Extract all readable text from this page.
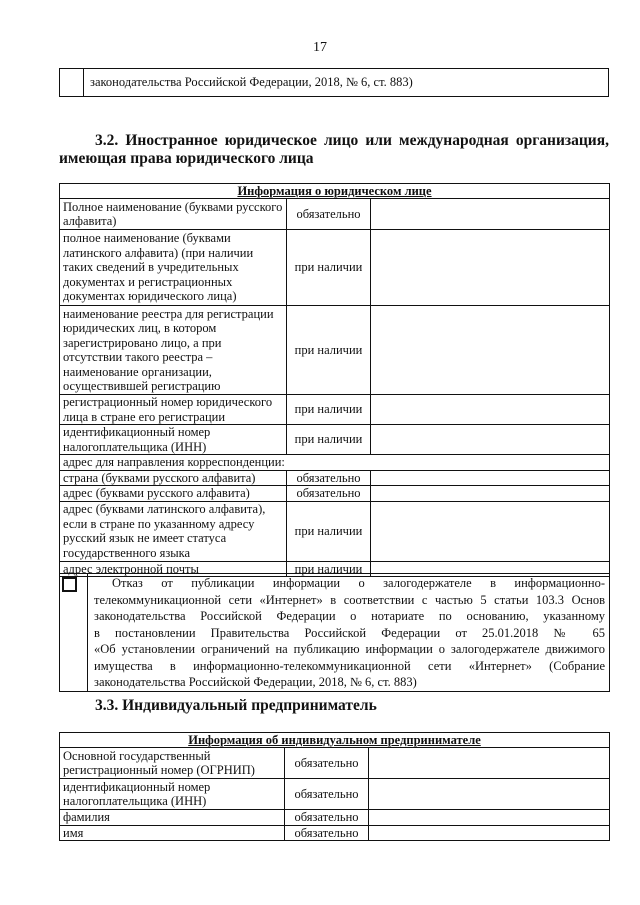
17
	законодательства Российской Федерации, 2018, № 6, ст. 883)
3.2. Иностранное юридическое лицо или международная организация,
имеющая права юридического лица
Информация о юридическом лице		
Полное наименование (буквами русского алфавита)	обязательно	
полное наименование (буквами латинского алфавита) (при наличии таких сведений в учредительных документах и регистрационных документах юридического лица)	при наличии	
наименование реестра для регистрации юридических лиц, в котором зарегистрировано лицо, а при отсутствии такого реестра – наименование организации, осуществившей регистрацию	при наличии	
регистрационный номер юридического лица в стране его регистрации	при наличии	
идентификационный номер налогоплательщика (ИНН)	при наличии	
адрес для направления корреспонденции:		
страна (буквами русского алфавита)	обязательно	
адрес (буквами русского алфавита)	обязательно	
адрес (буквами латинского алфавита), если в стране по указанному адресу русский язык не имеет статуса государственного языка	при наличии	
адрес электронной почты	при наличии	

Отказ от публикации информации о залогодержателе в информационно-
телекоммуникационной сети «Интернет» в соответствии с частью 5 статьи 103.3 Основ
законодательства Российской Федерации о нотариате по основанию, указанному
в постановлении Правительства Российской Федерации от 25.01.2018 № 65
«Об установлении ограничений на публикацию информации о залогодержателе движимого
имущества в информационно-телекоммуникационной сети «Интернет» (Собрание
законодательства Российской Федерации, 2018, № 6, ст. 883)
3.3. Индивидуальный предприниматель
Информация об индивидуальном предпринимателе		
Основной государственный регистрационный номер (ОГРНИП)	обязательно	
идентификационный номер налогоплательщика (ИНН)	обязательно	
фамилия	обязательно	
имя	обязательно	
